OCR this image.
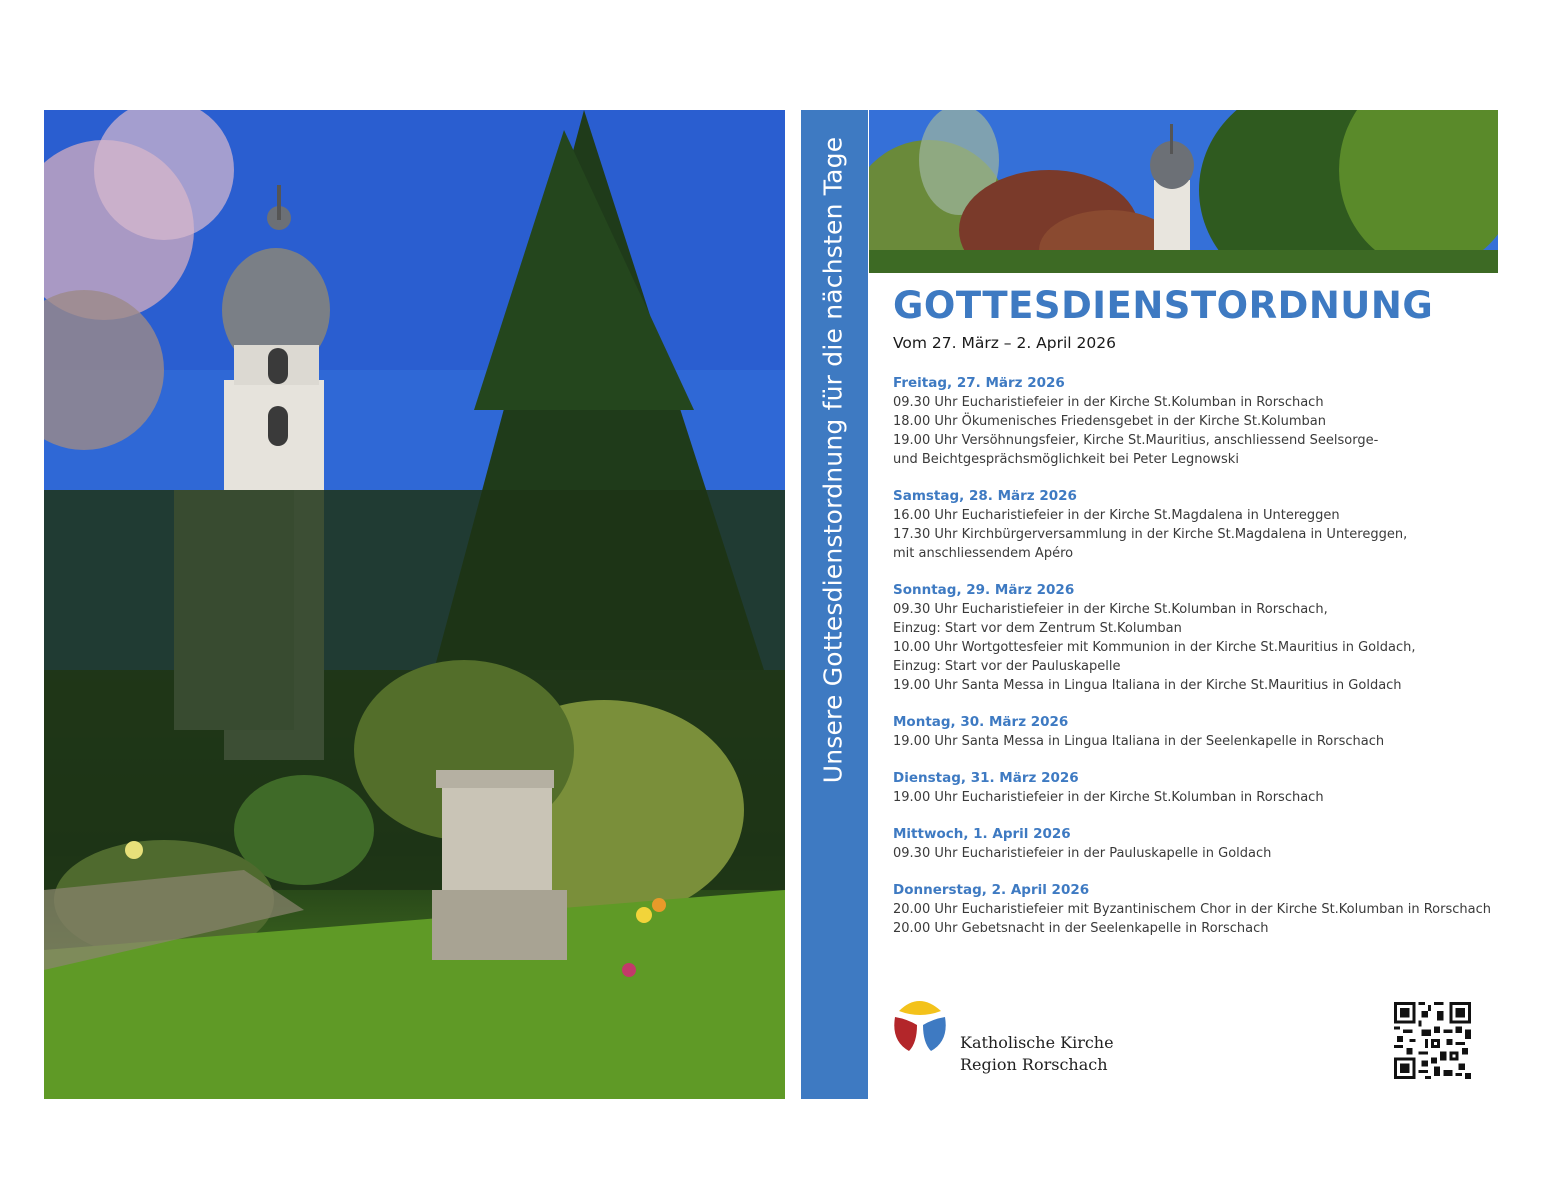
Unsere Gottesdienstordnung für die nächsten Tage GOTTESDIENSTORDNUNG

Vom 27. März – 2. April 2026

Freitag, 27. März 2026
09.30 Uhr Eucharistiefeier in der Kirche St.Kolumban in Rorschach
18.00 Uhr Ökumenisches Friedensgebet in der Kirche St.Kolumban
19.00 Uhr Versöhnungsfeier, Kirche St.Mauritius, anschliessend Seelsorge-
und Beichtgesprächsmöglichkeit bei Peter Legnowski
Samstag, 28. März 2026
16.00 Uhr Eucharistiefeier in der Kirche St.Magdalena in Untereggen
17.30 Uhr Kirchbürgerversammlung in der Kirche St.Magdalena in Untereggen,
mit anschliessendem Apéro
Sonntag, 29. März 2026
09.30 Uhr Eucharistiefeier in der Kirche St.Kolumban in Rorschach,
Einzug: Start vor dem Zentrum St.Kolumban
10.00 Uhr Wortgottesfeier mit Kommunion in der Kirche St.Mauritius in Goldach,
Einzug: Start vor der Pauluskapelle
19.00 Uhr Santa Messa in Lingua Italiana in der Kirche St.Mauritius in Goldach
Montag, 30. März 2026
19.00 Uhr Santa Messa in Lingua Italiana in der Seelenkapelle in Rorschach
Dienstag, 31. März 2026
19.00 Uhr Eucharistiefeier in der Kirche St.Kolumban in Rorschach
Mittwoch, 1. April 2026
09.30 Uhr Eucharistiefeier in der Pauluskapelle in Goldach
Donnerstag, 2. April 2026
20.00 Uhr Eucharistiefeier mit Byzantinischem Chor in der Kirche St.Kolumban in Rorschach
20.00 Uhr Gebetsnacht in der Seelenkapelle in Rorschach
Katholische Kirche
Region Rorschach
